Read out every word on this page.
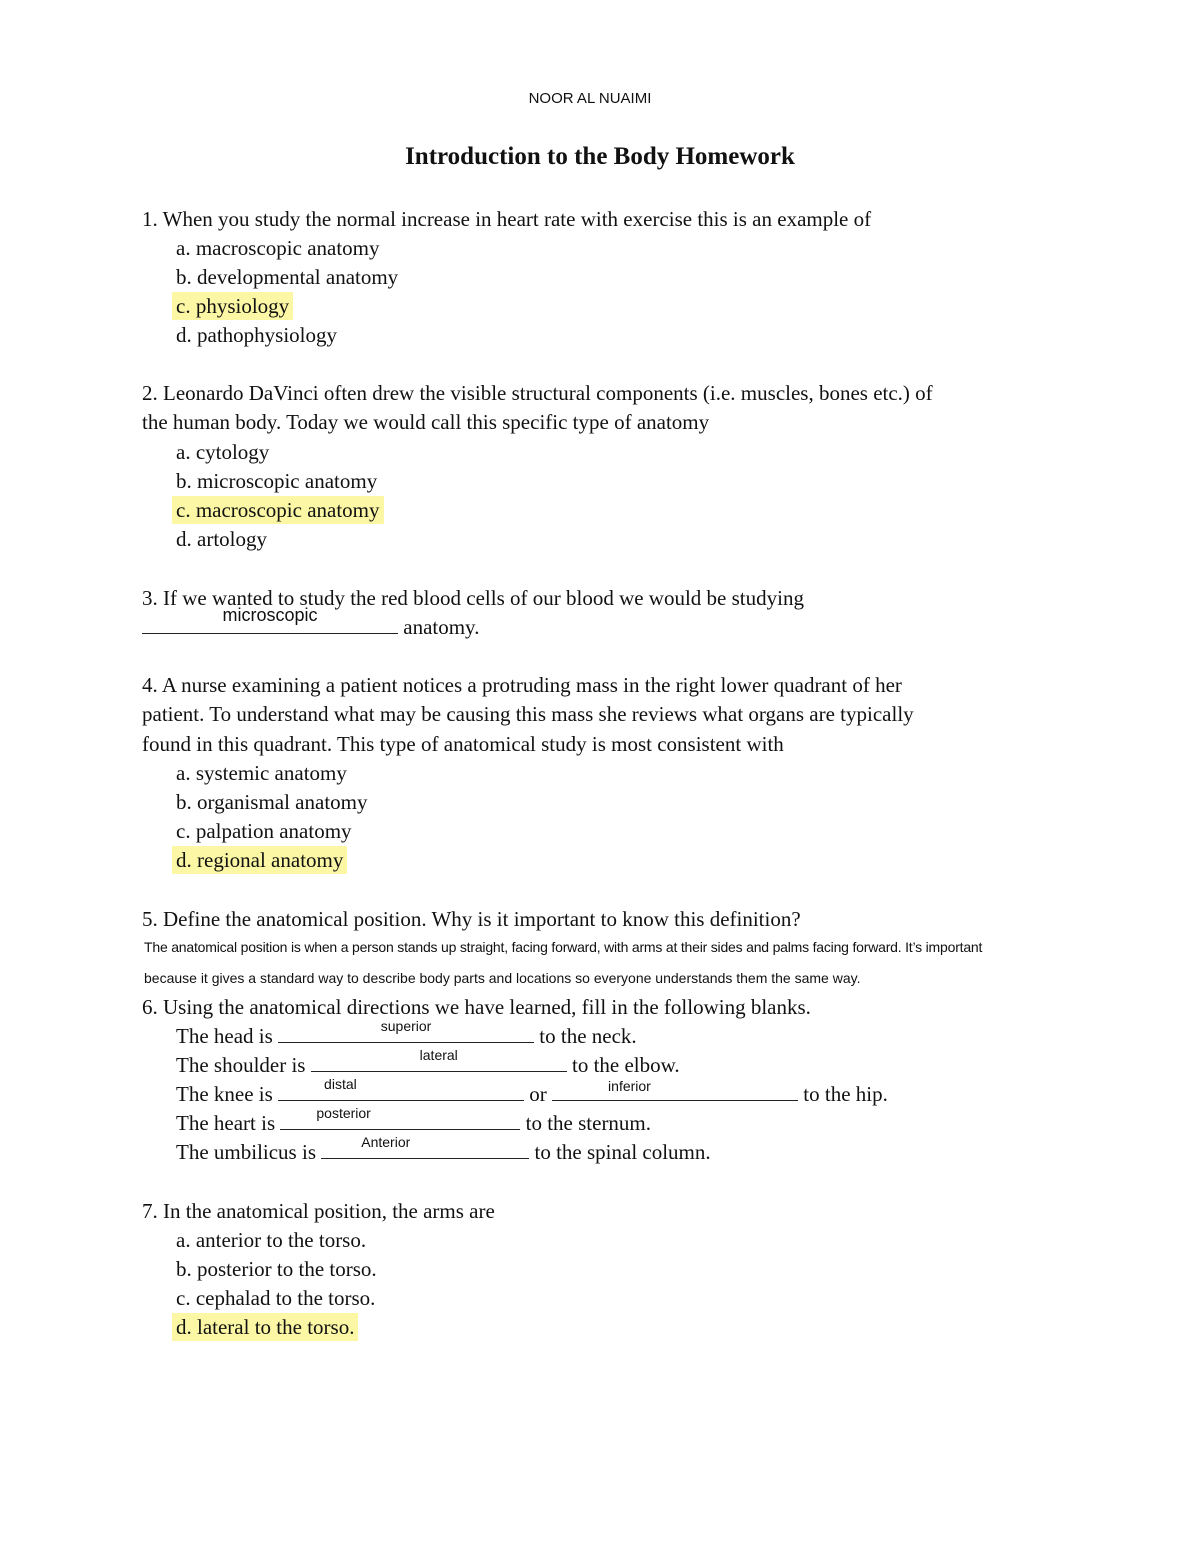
NOOR AL NUAIMI
Introduction to the Body Homework
1. When you study the normal increase in heart rate with exercise this is an example of
a. macroscopic anatomy
b. developmental anatomy
c. physiology
d. pathophysiology
2. Leonardo DaVinci often drew the visible structural components (i.e. muscles, bones etc.) of
the human body. Today we would call this specific type of anatomy
a. cytology
b. microscopic anatomy
c. macroscopic anatomy
d. artology
3. If we wanted to study the red blood cells of our blood we would be studying
microscopic	anatomy.
4. A nurse examining a patient notices a protruding mass in the right lower quadrant of her
patient. To understand what may be causing this mass she reviews what organs are typically
found in this quadrant. This type of anatomical study is most consistent with
a. systemic anatomy
b. organismal anatomy
c. palpation anatomy
d. regional anatomy
5. Define the anatomical position. Why is it important to know this definition?
The anatomical position is when a person stands up straight, facing forward, with arms at their sides and palms facing forward. It’s important
because it gives a standard way to describe body parts and locations so everyone understands them the same way.
6. Using the anatomical directions we have learned, fill in the following blanks.
The head is	superior	to the neck.
The shoulder is	lateral	to the elbow.
The knee is	distal	or	inferior	to the hip.
The heart is	posterior	to the sternum.
The umbilicus is	Anterior	to the spinal column.
7. In the anatomical position, the arms are
a. anterior to the torso.
b. posterior to the torso.
c. cephalad to the torso.
d. lateral to the torso.
